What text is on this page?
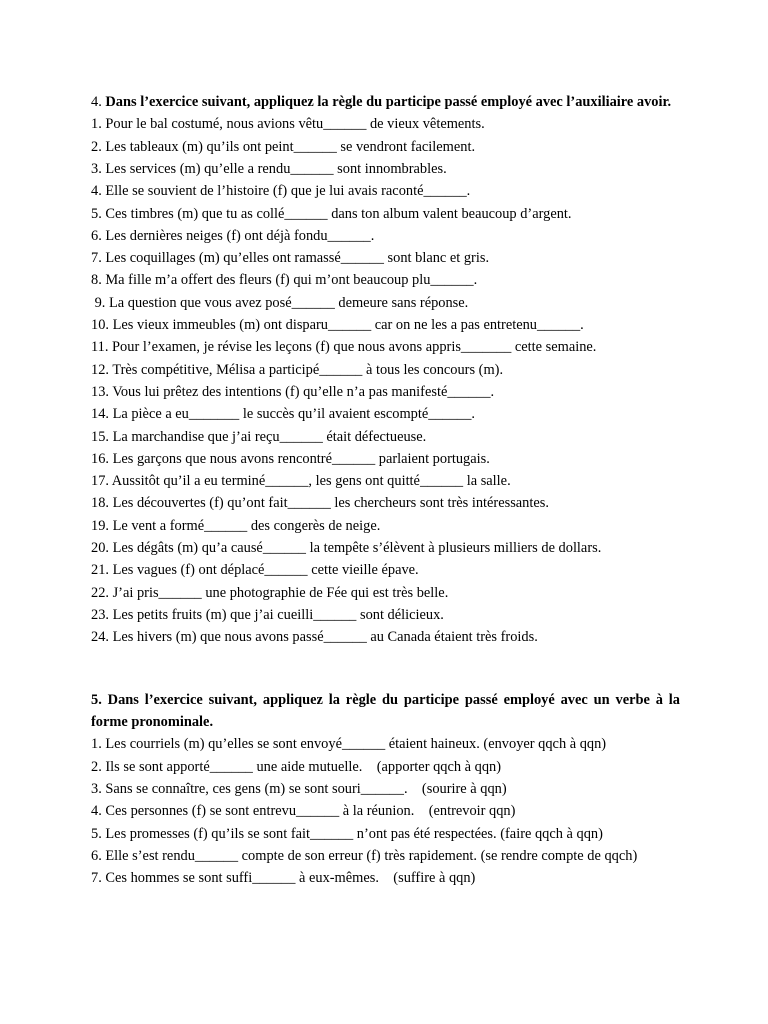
4. Dans l’exercice suivant, appliquez la règle du participe passé employé avec l’auxiliaire avoir.

1. Pour le bal costumé, nous avions vêtu______ de vieux vêtements.
2. Les tableaux (m) qu’ils ont peint______ se vendront facilement.
3. Les services (m) qu’elle a rendu______ sont innombrables.
4. Elle se souvient de l’histoire (f) que je lui avais raconté______.
5. Ces timbres (m) que tu as collé______ dans ton album valent beaucoup d’argent.
6. Les dernières neiges (f) ont déjà fondu______.
7. Les coquillages (m) qu’elles ont ramassé______ sont blanc et gris.
8. Ma fille m’a offert des fleurs (f) qui m’ont beaucoup plu______.
9. La question que vous avez posé______ demeure sans réponse.
10. Les vieux immeubles (m) ont disparu______ car on ne les a pas entretenu______.
11. Pour l’examen, je révise les leçons (f) que nous avons appris_______ cette semaine.
12. Très compétitive, Mélisa a participé______ à tous les concours (m).
13. Vous lui prêtez des intentions (f) qu’elle n’a pas manifesté______.
14. La pièce a eu_______ le succès qu’il avaient escompté______.
15. La marchandise que j’ai reçu______ était défectueuse.
16. Les garçons que nous avons rencontré______ parlaient portugais.
17. Aussitôt qu’il a eu terminé______, les gens ont quitté______ la salle.
18. Les découvertes (f) qu’ont fait______ les chercheurs sont très intéressantes.
19. Le vent a formé______ des congerès de neige.
20. Les dégâts (m) qu’a causé______ la tempête s’élèvent à plusieurs milliers de dollars.
21. Les vagues (f) ont déplacé______ cette vieille épave.
22. J’ai pris______ une photographie de Fée qui est très belle.
23. Les petits fruits (m) que j’ai cueilli______ sont délicieux.
24. Les hivers (m) que nous avons passé______ au Canada étaient très froids.

5. Dans l’exercice suivant, appliquez la règle du participe passé employé avec un verbe à la forme pronominale.

1. Les courriels (m) qu’elles se sont envoyé______ étaient haineux. (envoyer qqch à qqn)
2. Ils se sont apporté______ une aide mutuelle.    (apporter qqch à qqn)
3. Sans se connaître, ces gens (m) se sont souri______.    (sourire à qqn)
4. Ces personnes (f) se sont entrevu______ à la réunion.    (entrevoir qqn)
5. Les promesses (f) qu’ils se sont fait______ n’ont pas été respectées. (faire qqch à qqn)
6. Elle s’est rendu______ compte de son erreur (f) très rapidement. (se rendre compte de qqch)
7. Ces hommes se sont suffi______ à eux-mêmes.    (suffire à qqn)
